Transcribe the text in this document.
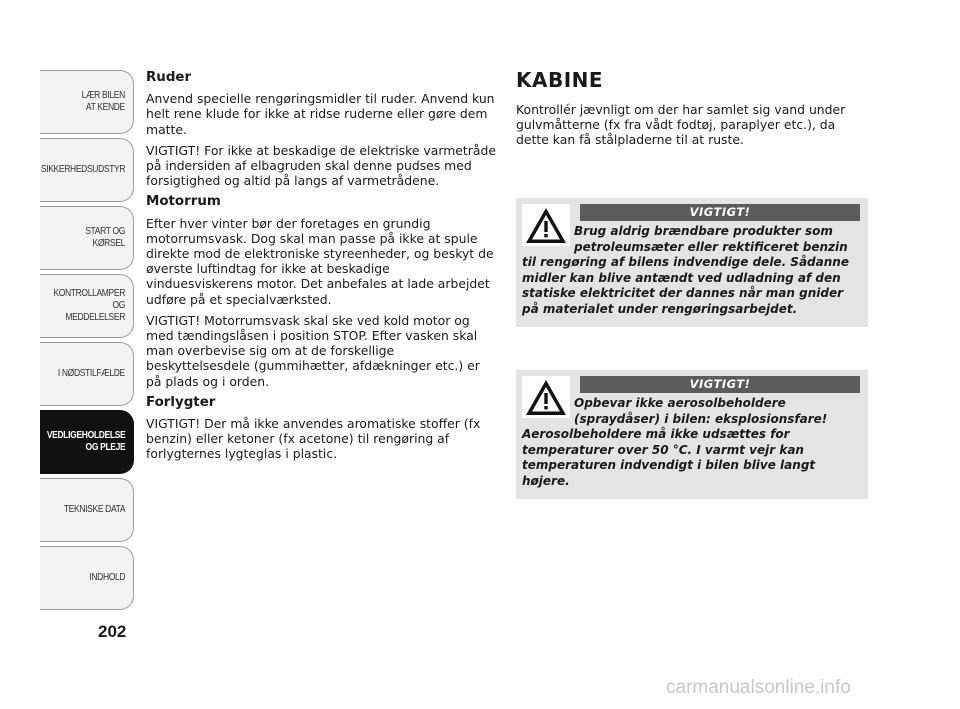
LÆR BILEN
AT KENDE
SIKKERHEDSUDSTYR
START OG KØRSEL
KONTROLLAMPER
OG MEDDELELSER
I NØDSTILFÆLDE
VEDLIGEHOLDELSE
OG PLEJE
TEKNISKE DATA
INDHOLD
202
Ruder

Anvend specielle rengøringsmidler til ruder. Anvend kun helt rene klude for ikke at ridse ruderne eller gøre dem matte.

VIGTIGT! For ikke at beskadige de elektriske varmetråde på indersiden af elbagruden skal denne pudses med forsigtighed og altid på langs af varmetrådene.

Motorrum

Efter hver vinter bør der foretages en grundig motorrumsvask. Dog skal man passe på ikke at spule direkte mod de elektroniske styreenheder, og beskyt de øverste luftindtag for ikke at beskadige vinduesviskerens motor. Det anbefales at lade arbejdet udføre på et specialværksted.

VIGTIGT! Motorrumsvask skal ske ved kold motor og med tændingslåsen i position STOP. Efter vasken skal man overbevise sig om at de forskellige beskyttelsesdele (gummihætter, afdækninger etc.) er på plads og i orden.

Forlygter

VIGTIGT! Der må ikke anvendes aromatiske stoffer (fx benzin) eller ketoner (fx acetone) til rengøring af forlygternes lygteglas i plastic.

KABINE

Kontrollér jævnligt om der har samlet sig vand under gulvmåtterne (fx fra vådt fodtøj, paraplyer etc.), da dette kan få stålpladerne til at ruste.

VIGTIGT!
Brug aldrig brændbare produkter som petroleumsæter eller rektificeret benzin
til rengøring af bilens indvendige dele. Sådanne midler kan blive antændt ved udladning af den statiske elektricitet der dannes når man gnider på materialet under rengøringsarbejdet.
VIGTIGT!
Opbevar ikke aerosolbeholdere (spraydåser) i bilen: eksplosionsfare!
Aerosolbeholdere må ikke udsættes for temperaturer over 50 °C. I varmt vejr kan temperaturen indvendigt i bilen blive langt højere.
carmanualsonline.info
